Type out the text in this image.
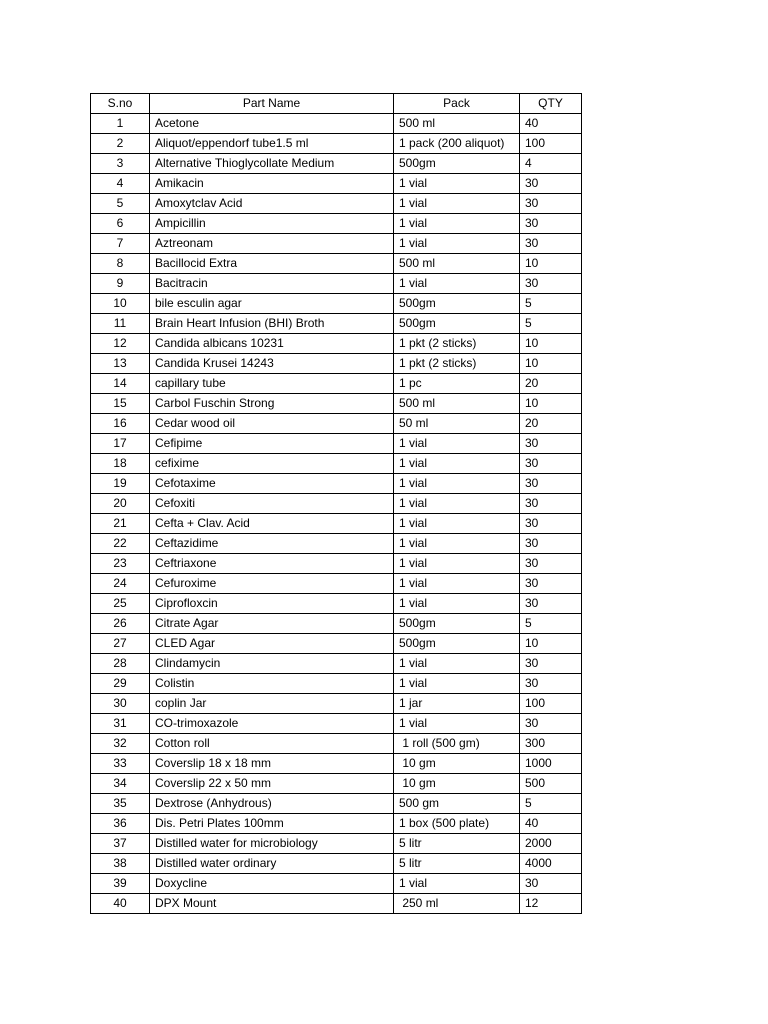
S.no	Part Name	Pack	QTY
1	Acetone	500 ml	40
2	Aliquot/eppendorf tube1.5 ml	1 pack (200 aliquot)	100
3	Alternative Thioglycollate Medium	500gm	4
4	Amikacin	1 vial	30
5	Amoxytclav Acid	1 vial	30
6	Ampicillin	1 vial	30
7	Aztreonam	1 vial	30
8	Bacillocid Extra	500 ml	10
9	Bacitracin	1 vial	30
10	bile esculin agar	500gm	5
11	Brain Heart Infusion (BHI) Broth	500gm	5
12	Candida albicans 10231	1 pkt (2 sticks)	10
13	Candida Krusei 14243	1 pkt (2 sticks)	10
14	capillary tube	1 pc	20
15	Carbol Fuschin Strong	500 ml	10
16	Cedar wood oil	50 ml	20
17	Cefipime	1 vial	30
18	cefixime	1 vial	30
19	Cefotaxime	1 vial	30
20	Cefoxiti	1 vial	30
21	Cefta + Clav. Acid	1 vial	30
22	Ceftazidime	1 vial	30
23	Ceftriaxone	1 vial	30
24	Cefuroxime	1 vial	30
25	Ciprofloxcin	1 vial	30
26	Citrate Agar	500gm	5
27	CLED Agar	500gm	10
28	Clindamycin	1 vial	30
29	Colistin	1 vial	30
30	coplin Jar	1 jar	100
31	CO-trimoxazole	1 vial	30
32	Cotton roll	1 roll (500 gm)	300
33	Coverslip 18 x 18 mm	10 gm	1000
34	Coverslip 22 x 50 mm	10 gm	500
35	Dextrose (Anhydrous)	500 gm	5
36	Dis. Petri Plates 100mm	1 box (500 plate)	40
37	Distilled water for microbiology	5 litr	2000
38	Distilled water ordinary	5 litr	4000
39	Doxycline	1 vial	30
40	DPX Mount	250 ml	12
